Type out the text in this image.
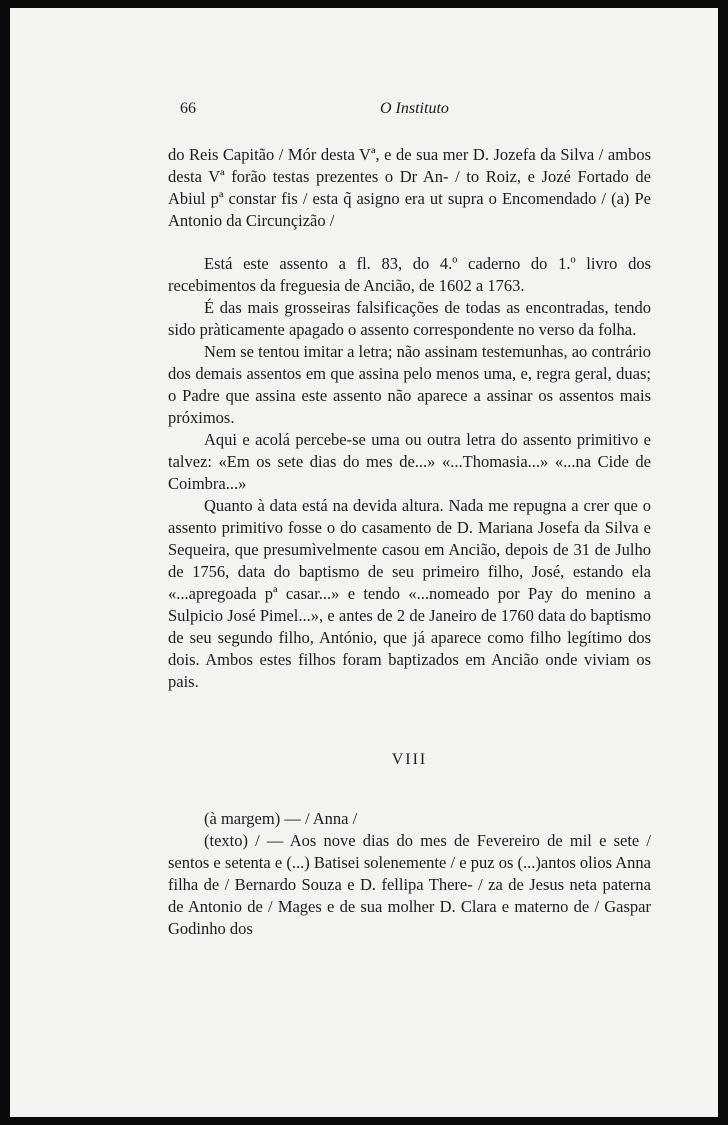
66	O Instituto

do Reis Capitão / Mór desta Vª, e de sua mer D. Jozefa da Silva / ambos desta Vª forão testas prezentes o Dr An- / to Roiz, e Jozé Fortado de Abiul pª constar fis / esta q̃ asigno era ut supra o Encomendado / (a) Pe Antonio da Circunçizão /

Está este assento a fl. 83, do 4.º caderno do 1.º livro dos recebimentos da freguesia de Ancião, de 1602 a 1763.

É das mais grosseiras falsificações de todas as encontradas, tendo sido pràticamente apagado o assento correspondente no verso da folha.

Nem se tentou imitar a letra; não assinam testemunhas, ao contrário dos demais assentos em que assina pelo menos uma, e, regra geral, duas; o Padre que assina este assento não aparece a assinar os assentos mais próximos.

Aqui e acolá percebe-se uma ou outra letra do assento primitivo e talvez: «Em os sete dias do mes de...» «...Thomasia...» «...na Cide de Coimbra...»

Quanto à data está na devida altura. Nada me repugna a crer que o assento primitivo fosse o do casamento de D. Mariana Josefa da Silva e Sequeira, que presumìvelmente casou em Ancião, depois de 31 de Julho de 1756, data do baptismo de seu primeiro filho, José, estando ela «...apregoada pª casar...» e tendo «...nomeado por Pay do menino a Sulpicio José Pimel...», e antes de 2 de Janeiro de 1760 data do baptismo de seu segundo filho, António, que já aparece como filho legítimo dos dois. Ambos estes filhos foram baptizados em Ancião onde viviam os pais.

VIII

(à margem) — / Anna /

(texto) / — Aos nove dias do mes de Fevereiro de mil e sete / sentos e setenta e (...) Batisei solenemente / e puz os (...)antos olios Anna filha de / Bernardo Souza e D. fellipa There- / za de Jesus neta paterna de Antonio de / Mages e de sua molher D. Clara e materno de / Gaspar Godinho dos
